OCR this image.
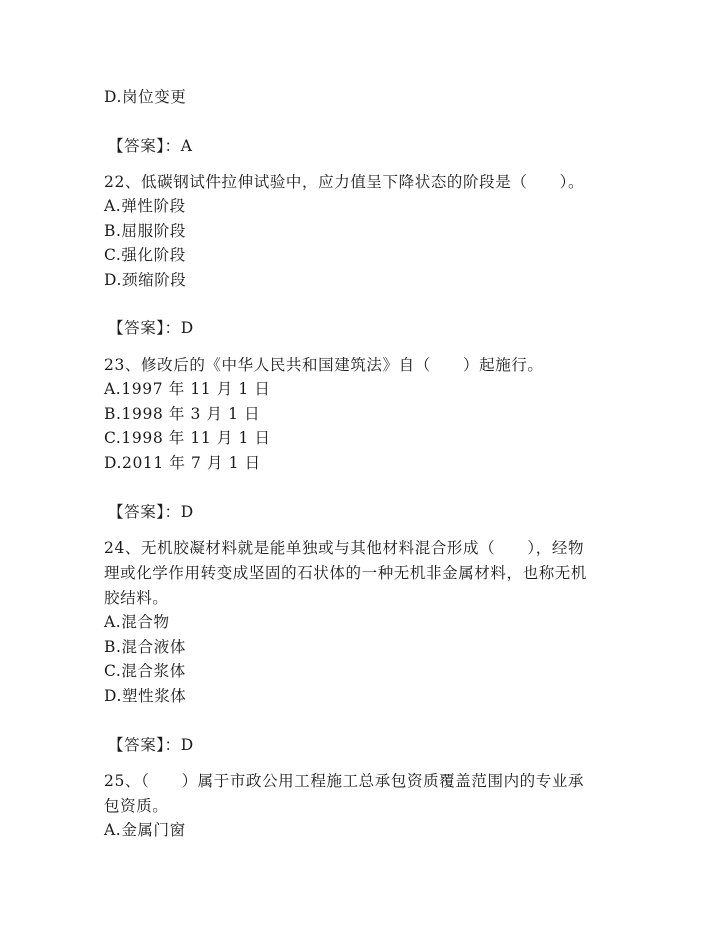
D.岗位变更
【答案】：A
22、低碳钢试件拉伸试验中，应力值呈下降状态的阶段是（　　）。
A.弹性阶段
B.屈服阶段
C.强化阶段
D.颈缩阶段
【答案】：D
23、修改后的《中华人民共和国建筑法》自（　　）起施行。
A.1997 年 11 月 1 日
B.1998 年 3 月 1 日
C.1998 年 11 月 1 日
D.2011 年 7 月 1 日
【答案】：D
24、无机胶凝材料就是能单独或与其他材料混合形成（　　），经物
理或化学作用转变成坚固的石状体的一种无机非金属材料，也称无机
胶结料。
A.混合物
B.混合液体
C.混合浆体
D.塑性浆体
【答案】：D
25、（　　）属于市政公用工程施工总承包资质覆盖范围内的专业承
包资质。
A.金属门窗
